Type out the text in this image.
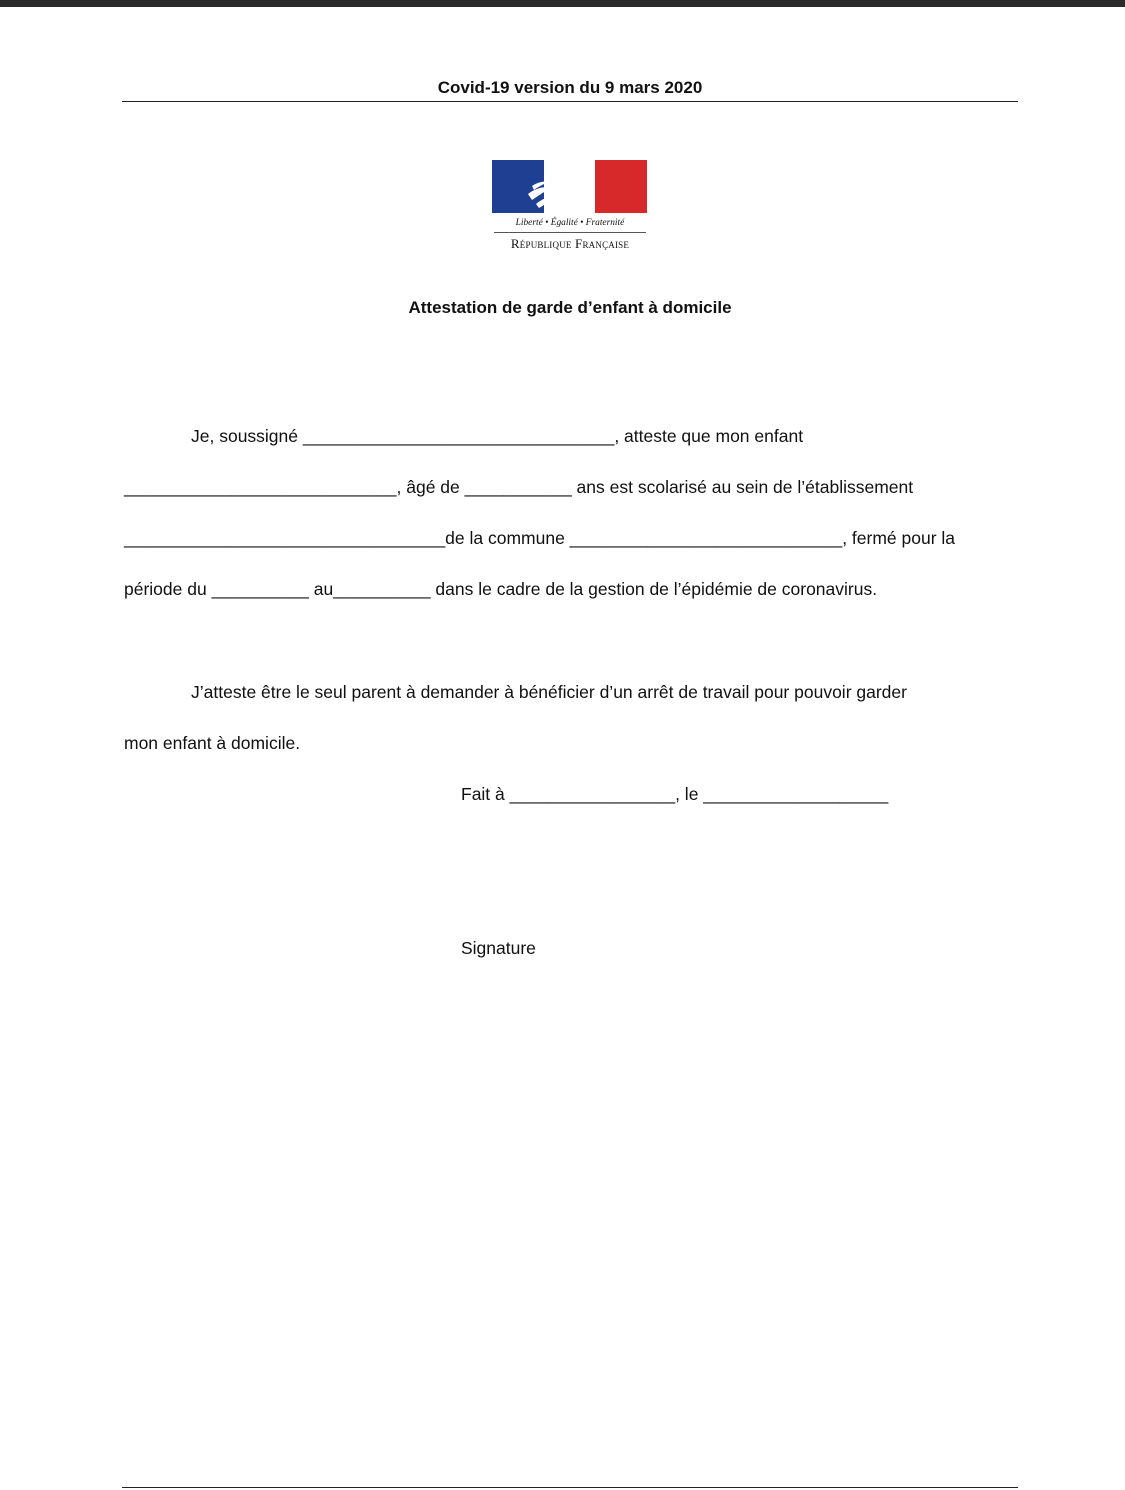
Covid-19 version du 9 mars 2020
Liberté • Égalité • Fraternité
République Française
Attestation de garde d’enfant à domicile
Je, soussigné ________________________________, atteste que mon enfant
____________________________, âgé de ___________ ans est scolarisé au sein de l’établissement
_________________________________de la commune ____________________________, fermé pour la
période du __________ au__________ dans le cadre de la gestion de l’épidémie de coronavirus.
J’atteste être le seul parent à demander à bénéficier d’un arrêt de travail pour pouvoir garder
mon enfant à domicile.
Fait à _________________, le ___________________
Signature
